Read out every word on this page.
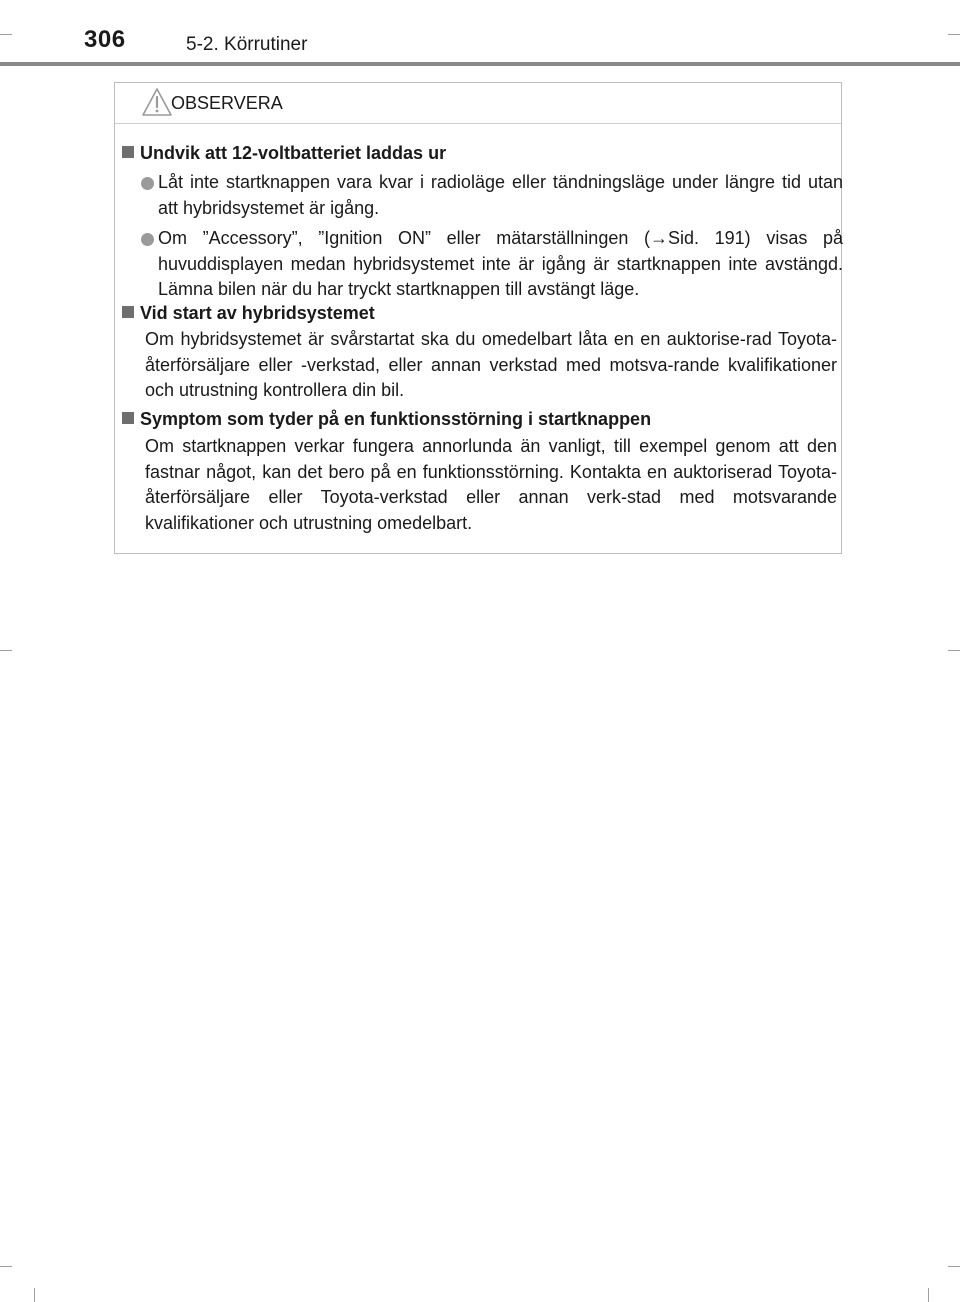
306	5-2. Körrutiner
OBSERVERA
Undvik att 12-voltbatteriet laddas ur
Låt inte startknappen vara kvar i radioläge eller tändningsläge under längre tid utan att hybridsystemet är igång.
Om ”Accessory”, ”Ignition ON” eller mätarställningen (→Sid. 191) visas på huvuddisplayen medan hybridsystemet inte är igång är startknappen inte avstängd. Lämna bilen när du har tryckt startknappen till avstängt läge.
Vid start av hybridsystemet
Om hybridsystemet är svårstartat ska du omedelbart låta en en auktorise-rad Toyota-återförsäljare eller -verkstad, eller annan verkstad med motsva-rande kvalifikationer och utrustning kontrollera din bil.
Symptom som tyder på en funktionsstörning i startknappen
Om startknappen verkar fungera annorlunda än vanligt, till exempel genom att den fastnar något, kan det bero på en funktionsstörning. Kontakta en auktoriserad Toyota-återförsäljare eller Toyota-verkstad eller annan verk-stad med motsvarande kvalifikationer och utrustning omedelbart.
